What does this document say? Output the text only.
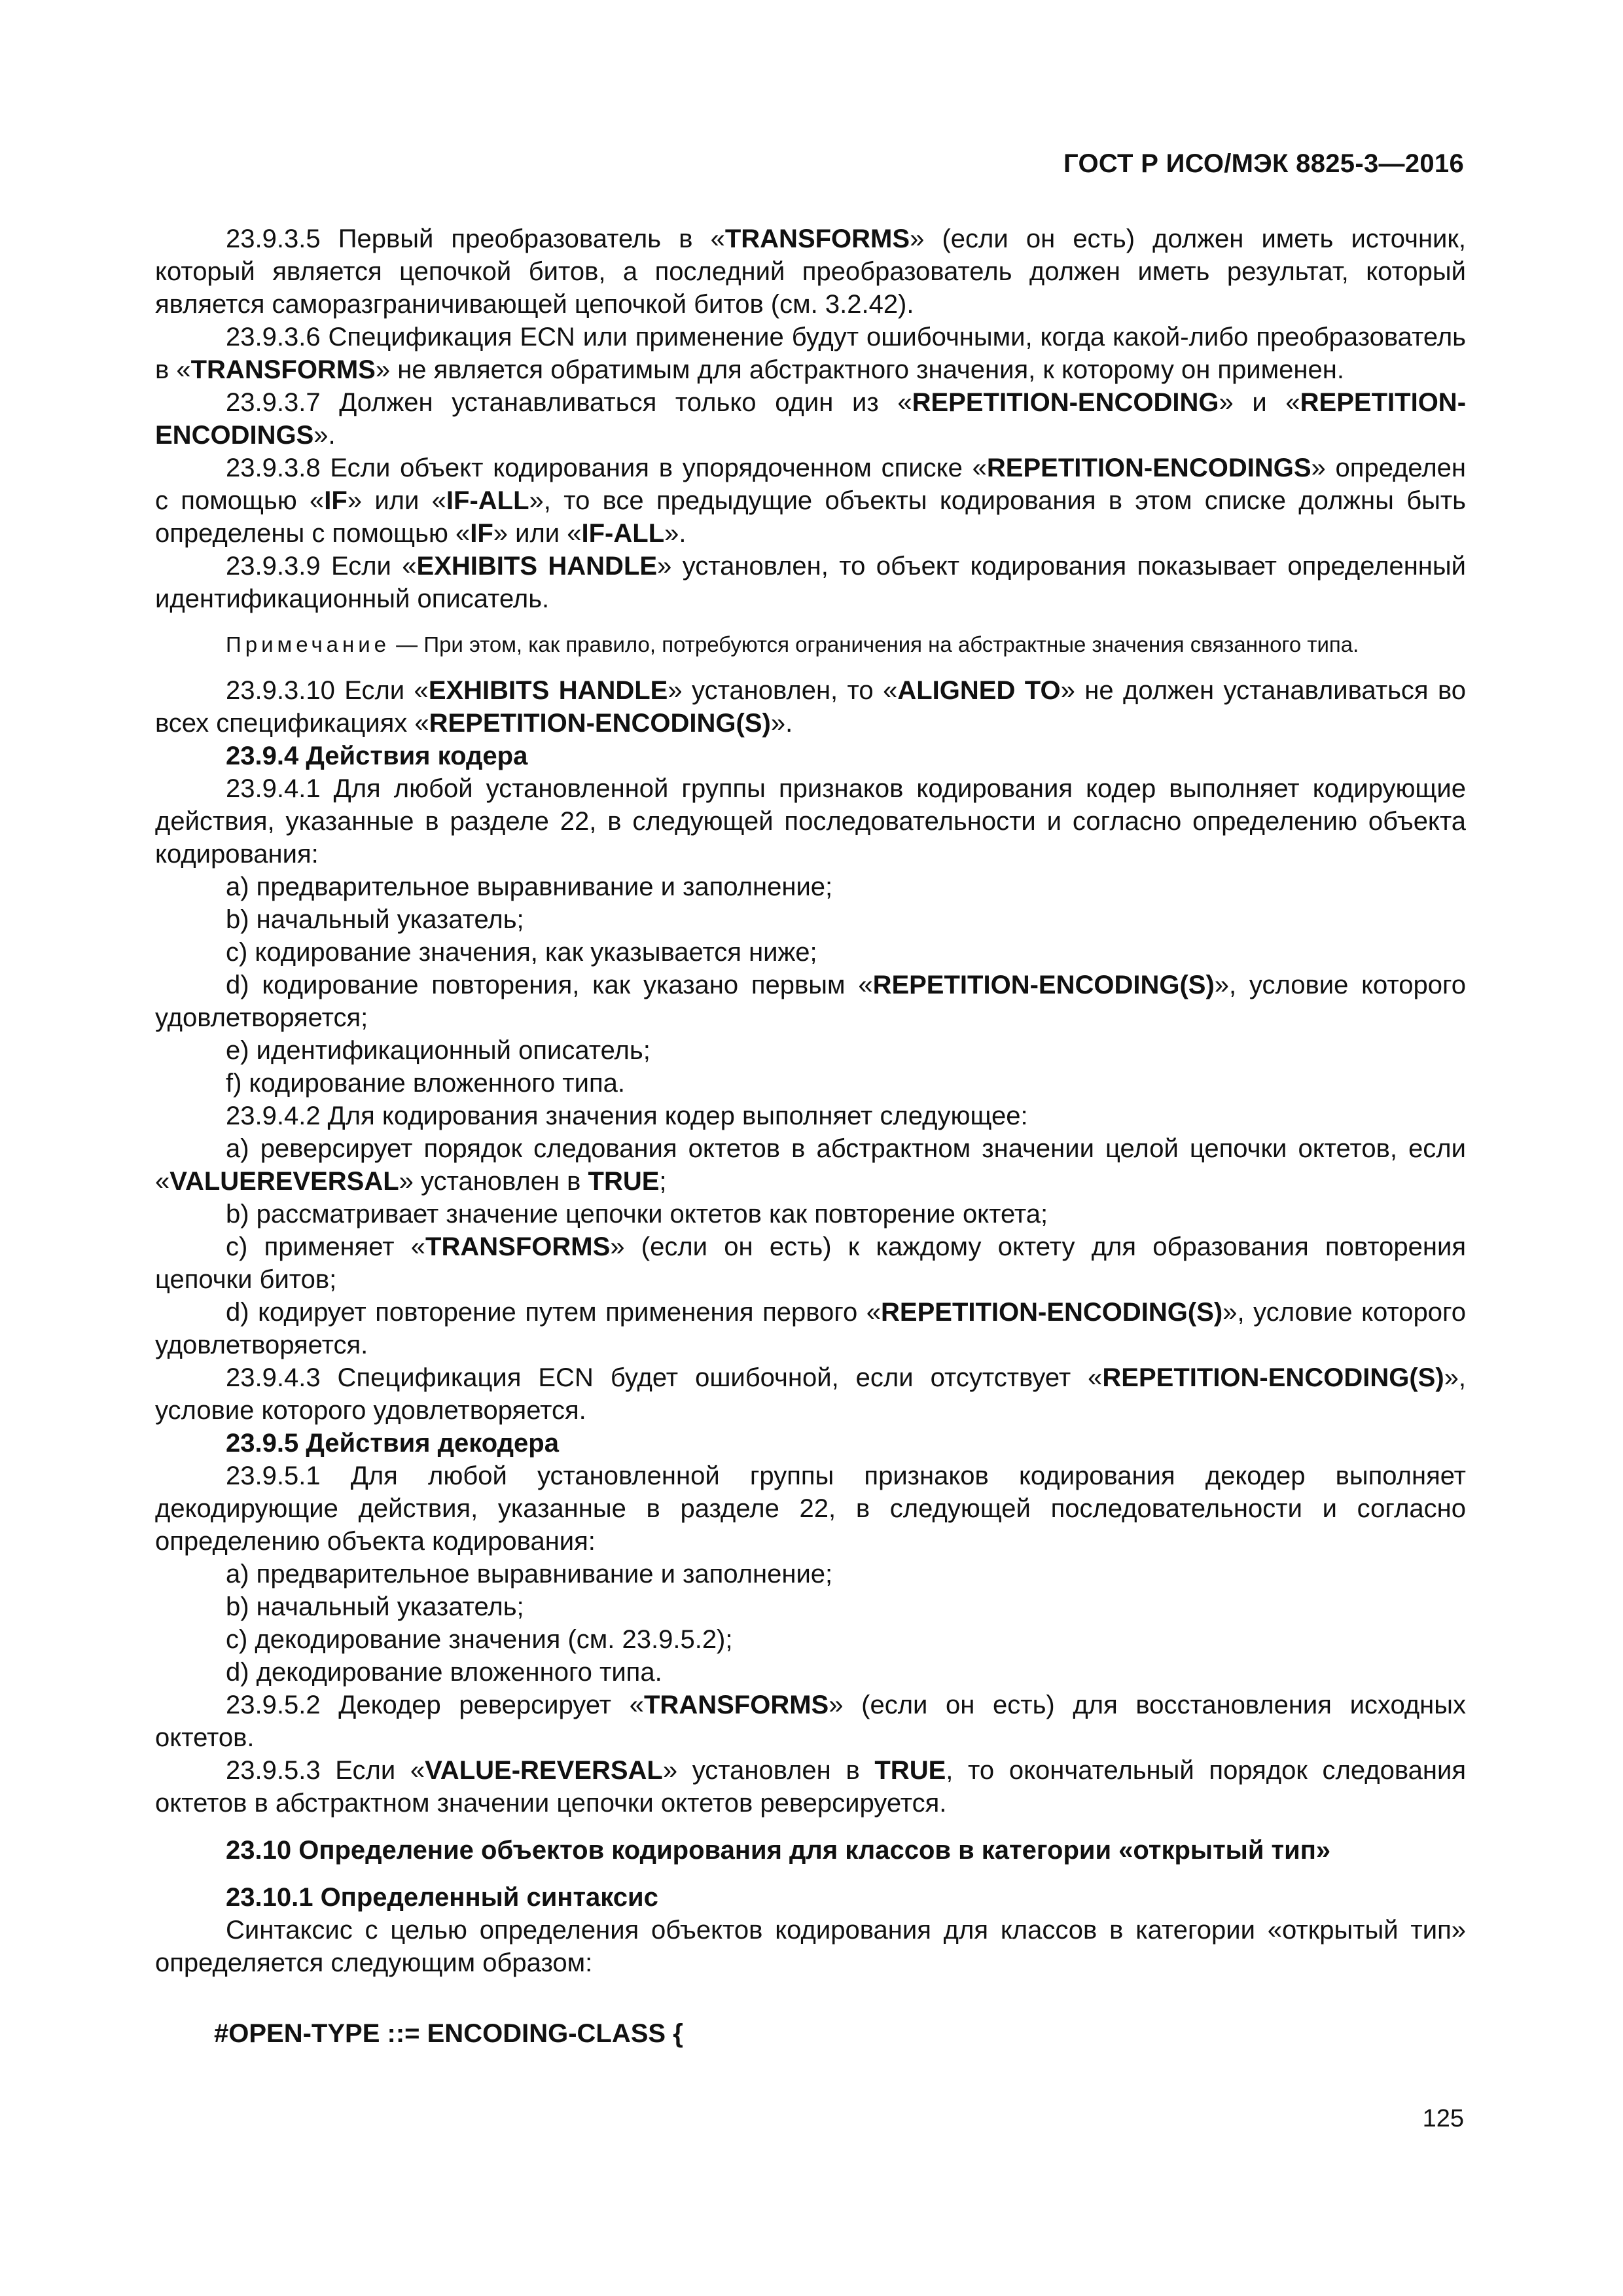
ГОСТ Р ИСО/МЭК 8825-3—2016

23.9.3.5 Первый преобразователь в «TRANSFORMS» (если он есть) должен иметь источник, который является цепочкой битов, а последний преобразователь должен иметь результат, который является саморазграничивающей цепочкой битов (см. 3.2.42).

23.9.3.6 Спецификация ECN или применение будут ошибочными, когда какой-либо преобразователь в «TRANSFORMS» не является обратимым для абстрактного значения, к которому он применен.

23.9.3.7 Должен устанавливаться только один из «REPETITION-ENCODING» и «REPETITION-ENCODINGS».

23.9.3.8 Если объект кодирования в упорядоченном списке «REPETITION-ENCODINGS» определен с помощью «IF» или «IF-ALL», то все предыдущие объекты кодирования в этом списке должны быть определены с помощью «IF» или «IF-ALL».

23.9.3.9 Если «EXHIBITS HANDLE» установлен, то объект кодирования показывает определенный идентификационный описатель.

Примечание — При этом, как правило, потребуются ограничения на абстрактные значения связанного типа.

23.9.3.10 Если «EXHIBITS HANDLE» установлен, то «ALIGNED TO» не должен устанавливаться во всех спецификациях «REPETITION-ENCODING(S)».

23.9.4 Действия кодера

23.9.4.1 Для любой установленной группы признаков кодирования кодер выполняет кодирующие действия, указанные в разделе 22, в следующей последовательности и согласно определению объекта кодирования:

a) предварительное выравнивание и заполнение;

b) начальный указатель;

c) кодирование значения, как указывается ниже;

d) кодирование повторения, как указано первым «REPETITION-ENCODING(S)», условие которого удовлетворяется;

e) идентификационный описатель;

f) кодирование вложенного типа.

23.9.4.2 Для кодирования значения кодер выполняет следующее:

a) реверсирует порядок следования октетов в абстрактном значении целой цепочки октетов, если «VALUEREVERSAL» установлен в TRUE;

b) рассматривает значение цепочки октетов как повторение октета;

c) применяет «TRANSFORMS» (если он есть) к каждому октету для образования повторения цепочки битов;

d) кодирует повторение путем применения первого «REPETITION-ENCODING(S)», условие которого удовлетворяется.

23.9.4.3 Спецификация ECN будет ошибочной, если отсутствует «REPETITION-ENCODING(S)», условие которого удовлетворяется.

23.9.5 Действия декодера

23.9.5.1 Для любой установленной группы признаков кодирования декодер выполняет декодирующие действия, указанные в разделе 22, в следующей последовательности и согласно определению объекта кодирования:

a) предварительное выравнивание и заполнение;

b) начальный указатель;

c) декодирование значения (см. 23.9.5.2);

d) декодирование вложенного типа.

23.9.5.2 Декодер реверсирует «TRANSFORMS» (если он есть) для восстановления исходных октетов.

23.9.5.3 Если «VALUE-REVERSAL» установлен в TRUE, то окончательный порядок следования октетов в абстрактном значении цепочки октетов реверсируется.

23.10 Определение объектов кодирования для классов в категории «открытый тип»

23.10.1 Определенный синтаксис

Синтаксис с целью определения объектов кодирования для классов в категории «открытый тип» определяется следующим образом:

#OPEN-TYPE ::= ENCODING-CLASS {

125
